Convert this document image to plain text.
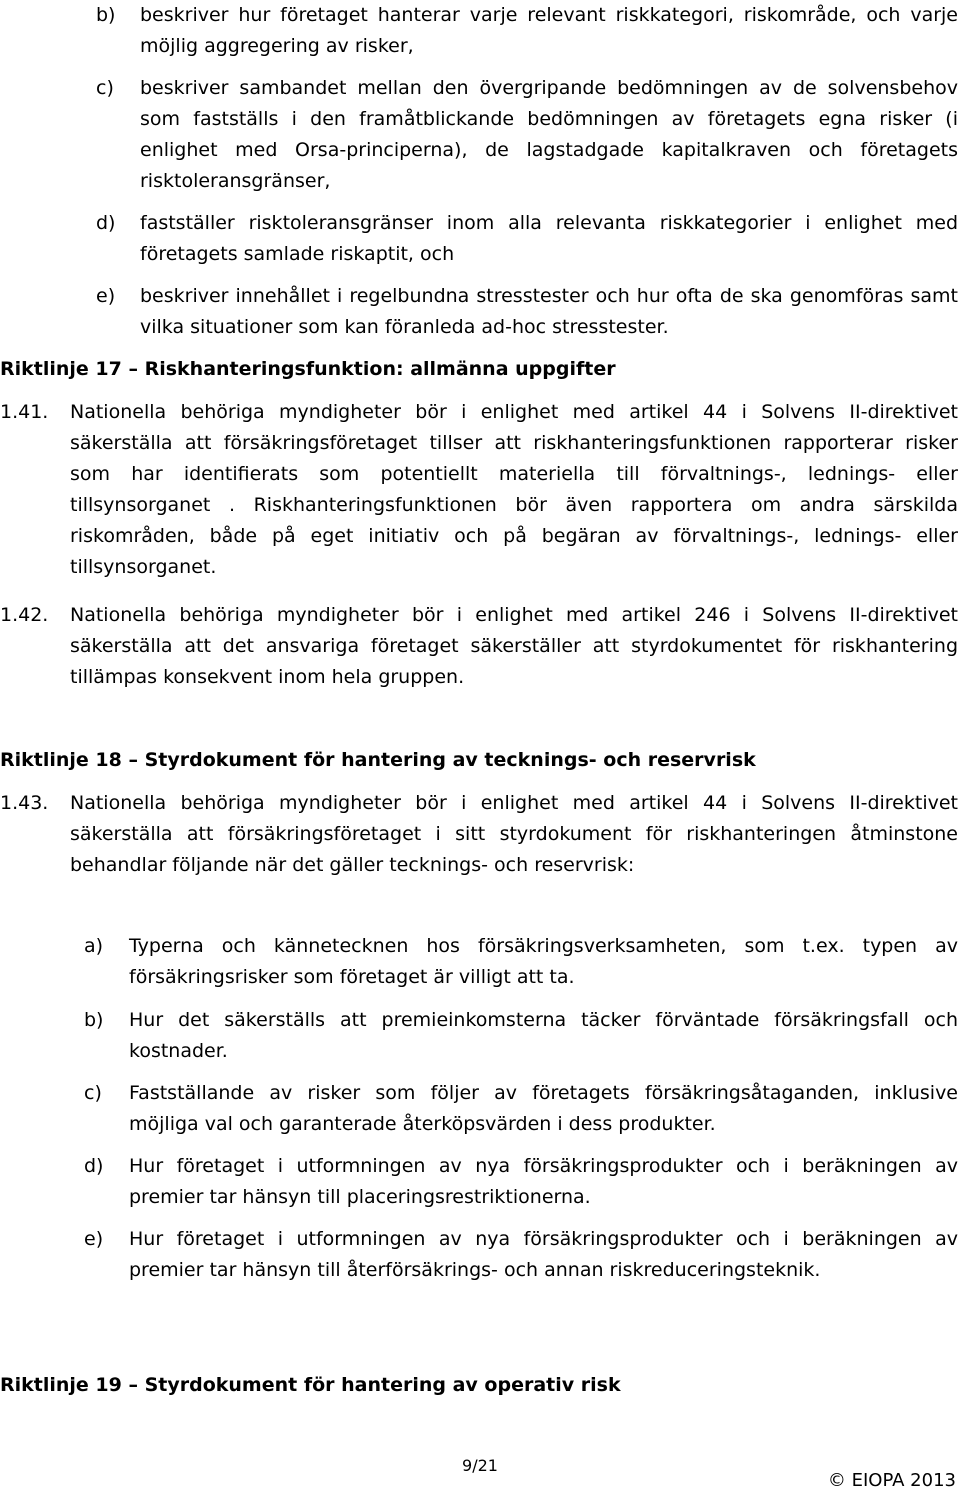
b)	beskriver hur företaget hanterar varje relevant riskkategori, riskområde, och varje möjlig aggregering av risker,
c)	beskriver sambandet mellan den övergripande bedömningen av de solvensbehov som fastställs i den framåtblickande bedömningen av företagets egna risker (i enlighet med Orsa-principerna), de lagstadgade kapitalkraven och företagets risktoleransgränser,
d)	fastställer risktoleransgränser inom alla relevanta riskkategorier i enlighet med företagets samlade riskaptit, och
e)	beskriver innehållet i regelbundna stresstester och hur ofta de ska genomföras samt vilka situationer som kan föranleda ad-hoc stresstester.
Riktlinje 17 – Riskhanteringsfunktion: allmänna uppgifter
1.41.	Nationella behöriga myndigheter bör i enlighet med artikel 44 i Solvens II-direktivet säkerställa att försäkringsföretaget tillser att riskhanteringsfunktionen rapporterar risker som har identifierats som potentiellt materiella till förvaltnings-, lednings- eller tillsynsorganet . Riskhanteringsfunktionen bör även rapportera om andra särskilda riskområden, både på eget initiativ och på begäran av förvaltnings-, lednings- eller tillsynsorganet.
1.42.	Nationella behöriga myndigheter bör i enlighet med artikel 246 i Solvens II-direktivet säkerställa att det ansvariga företaget säkerställer att styrdokumentet för riskhantering tillämpas konsekvent inom hela gruppen.
Riktlinje 18 – Styrdokument för hantering av tecknings- och reservrisk
1.43.	Nationella behöriga myndigheter bör i enlighet med artikel 44 i Solvens II-direktivet säkerställa att försäkringsföretaget i sitt styrdokument för riskhanteringen åtminstone behandlar följande när det gäller tecknings- och reservrisk:
a)	Typerna och kännetecknen hos försäkringsverksamheten, som t.ex. typen av försäkringsrisker som företaget är villigt att ta.
b)	Hur det säkerställs att premieinkomsterna täcker förväntade försäkringsfall och kostnader.
c)	Fastställande av risker som följer av företagets försäkringsåtaganden, inklusive möjliga val och garanterade återköpsvärden i dess produkter.
d)	Hur företaget i utformningen av nya försäkringsprodukter och i beräkningen av premier tar hänsyn till placeringsrestriktionerna.
e)	Hur företaget i utformningen av nya försäkringsprodukter och i beräkningen av premier tar hänsyn till återförsäkrings- och annan riskreduceringsteknik.
Riktlinje 19 – Styrdokument för hantering av operativ risk
9/21
© EIOPA 2013
